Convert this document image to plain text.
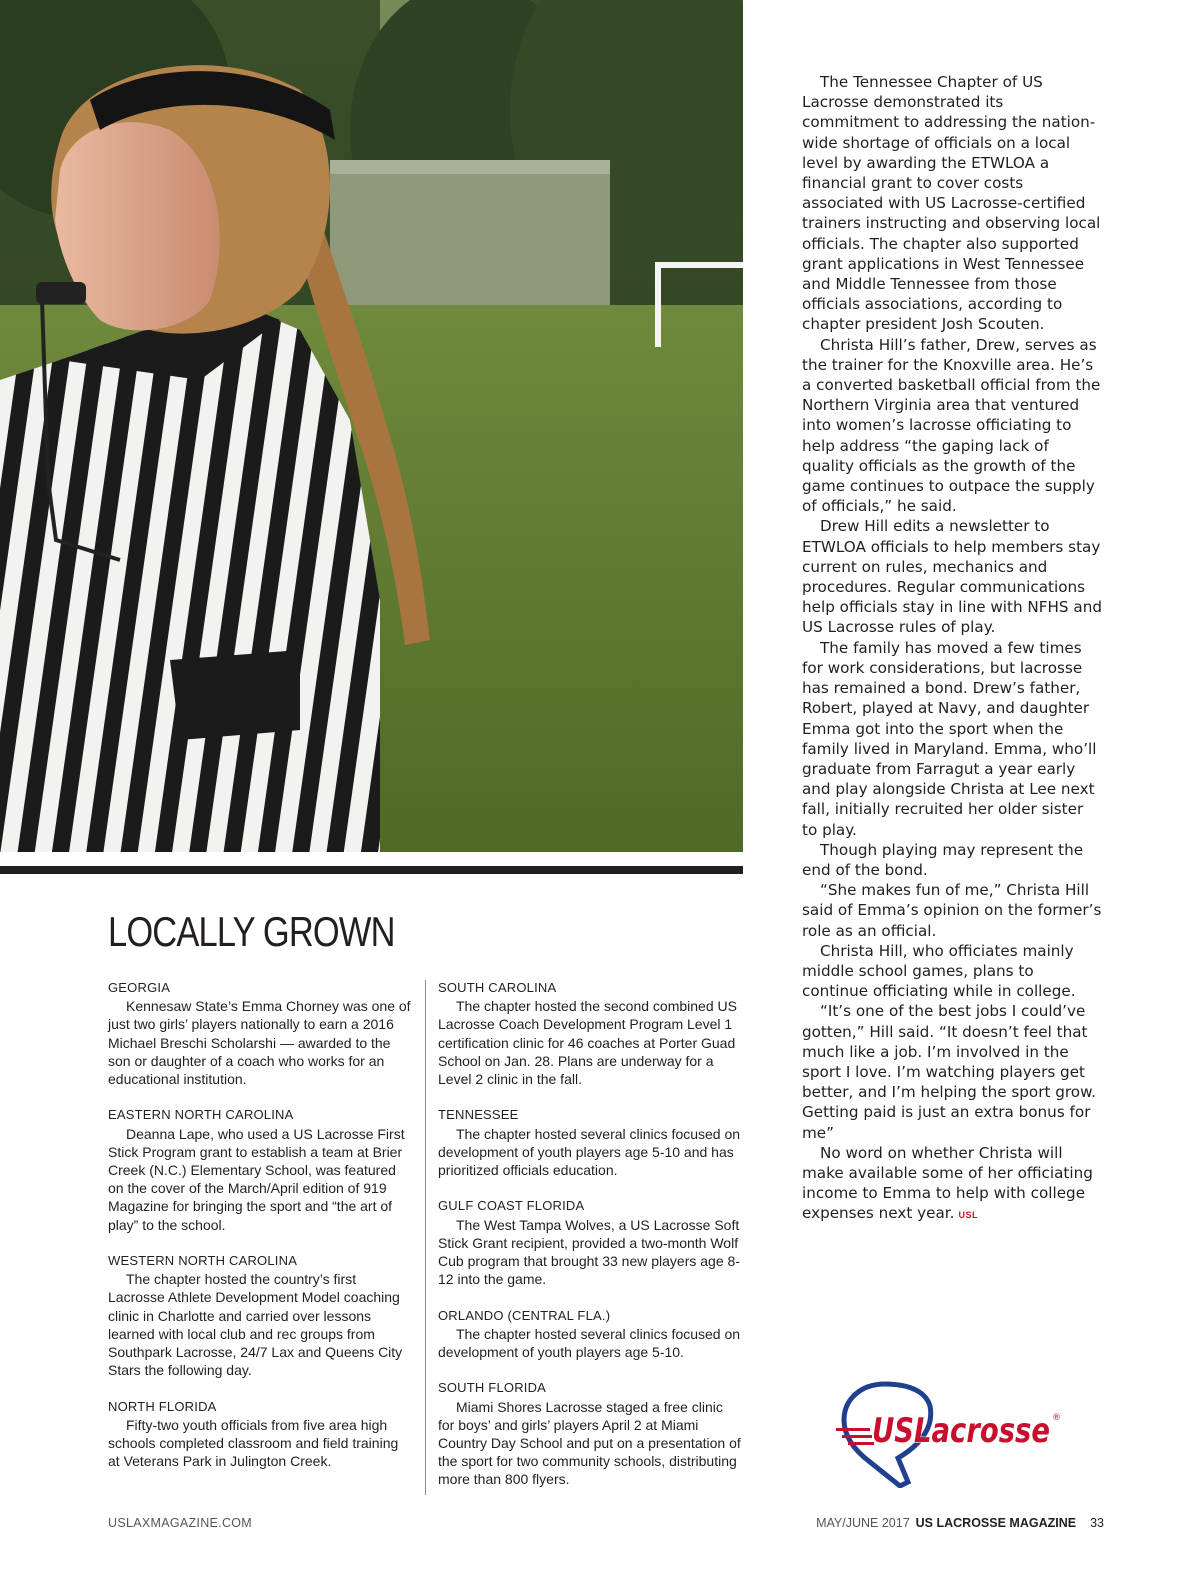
The Tennessee Chapter of US Lacrosse demonstrated its commitment to addressing the nation-wide shortage of officials on a local level by awarding the ETWLOA a financial grant to cover costs associated with US Lacrosse-certified trainers instructing and observing local officials. The chapter also supported grant applications in West Tennessee and Middle Tennessee from those officials associations, according to chapter president Josh Scouten.

Christa Hill’s father, Drew, serves as the trainer for the Knoxville area. He’s a converted basketball official from the Northern Virginia area that ventured into women’s lacrosse officiating to help address “the gaping lack of quality officials as the growth of the game continues to outpace the supply of officials,” he said.

Drew Hill edits a newsletter to ETWLOA officials to help members stay current on rules, mechanics and procedures. Regular communications help officials stay in line with NFHS and US Lacrosse rules of play.

The family has moved a few times for work considerations, but lacrosse has remained a bond. Drew’s father, Robert, played at Navy, and daughter Emma got into the sport when the family lived in Maryland. Emma, who’ll graduate from Farragut a year early and play alongside Christa at Lee next fall, initially recruited her older sister to play.

Though playing may represent the end of the bond.

“She makes fun of me,” Christa Hill said of Emma’s opinion on the former’s role as an official.

Christa Hill, who officiates mainly middle school games, plans to continue officiating while in college.

“It’s one of the best jobs I could’ve gotten,” Hill said. “It doesn’t feel that much like a job. I’m involved in the sport I love. I’m watching players get better, and I’m helping the sport grow. Getting paid is just an extra bonus for me”

No word on whether Christa will make available some of her officiating income to Emma to help with college expenses next year. USL

LOCALLY GROWN
GEORGIA

Kennesaw State’s Emma Chorney was one of just two girls’ players nationally to earn a 2016 Michael Breschi Scholarshi — awarded to the son or daughter of a coach who works for an educational institution.

EASTERN NORTH CAROLINA

Deanna Lape, who used a US Lacrosse First Stick Program grant to establish a team at Brier Creek (N.C.) Elementary School, was featured on the cover of the March/April edition of 919 Magazine for bringing the sport and “the art of play” to the school.

WESTERN NORTH CAROLINA

The chapter hosted the country’s first Lacrosse Athlete Development Model coaching clinic in Charlotte and carried over lessons learned with local club and rec groups from Southpark Lacrosse, 24/7 Lax and Queens City Stars the following day.

NORTH FLORIDA

Fifty-two youth officials from five area high schools completed classroom and field training at Veterans Park in Julington Creek.

SOUTH CAROLINA

The chapter hosted the second combined US Lacrosse Coach Development Program Level 1 certification clinic for 46 coaches at Porter Guad School on Jan. 28. Plans are underway for a Level 2 clinic in the fall.

TENNESSEE

The chapter hosted several clinics focused on development of youth players age 5-10 and has prioritized officials education.

GULF COAST FLORIDA

The West Tampa Wolves, a US Lacrosse Soft Stick Grant recipient, provided a two-month Wolf Cub program that brought 33 new players age 8-12 into the game.

ORLANDO (CENTRAL FLA.)

The chapter hosted several clinics focused on development of youth players age 5-10.

SOUTH FLORIDA

Miami Shores Lacrosse staged a free clinic for boys’ and girls’ players April 2 at Miami Country Day School and put on a presentation of the sport for two community schools, distributing more than 800 flyers.

USLacrosse ®
USLAXMAGAZINE.COM	MAY/JUNE 2017 US LACROSSE MAGAZINE 33
